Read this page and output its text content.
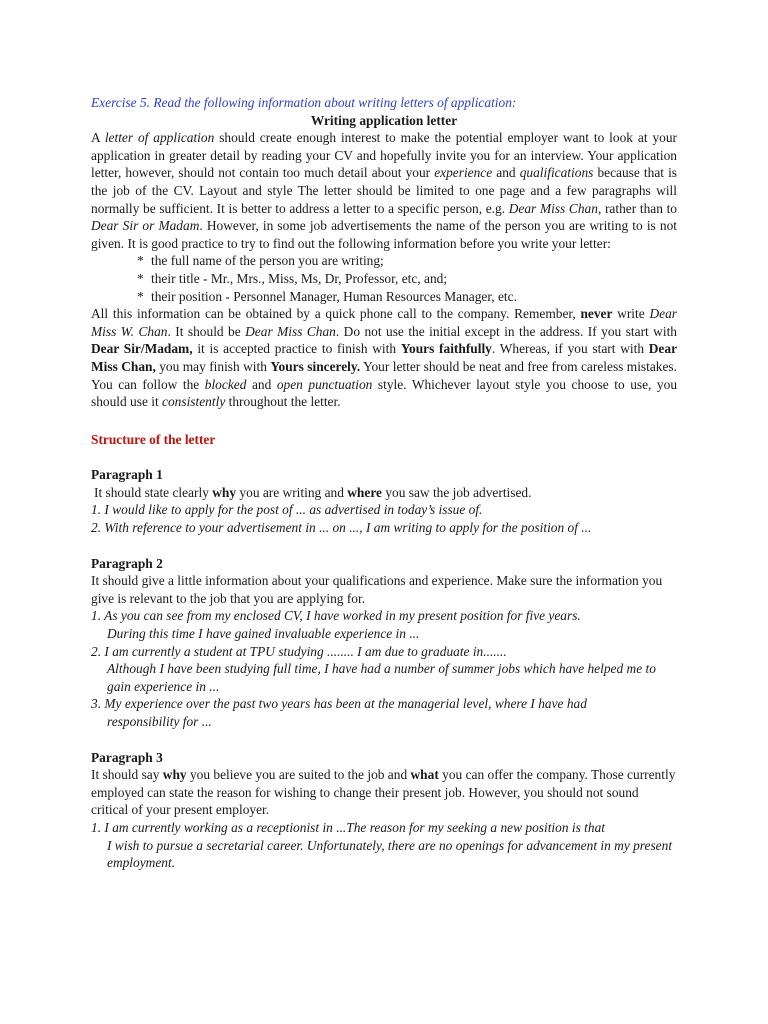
Exercise 5. Read the following information about writing letters of application:
Writing application letter
A letter of application should create enough interest to make the potential employer want to look at your application in greater detail by reading your CV and hopefully invite you for an interview. Your application letter, however, should not contain too much detail about your experience and qualifications because that is the job of the CV. Layout and style The letter should be limited to one page and a few paragraphs will normally be sufficient. It is better to address a letter to a specific person, e.g. Dear Miss Chan, rather than to Dear Sir or Madam. However, in some job advertisements the name of the person you are writing to is not given. It is good practice to try to find out the following information before you write your letter:
* the full name of the person you are writing;
* their title - Mr., Mrs., Miss, Ms, Dr, Professor, etc, and;
* their position - Personnel Manager, Human Resources Manager, etc.
All this information can be obtained by a quick phone call to the company. Remember, never write Dear Miss W. Chan. It should be Dear Miss Chan. Do not use the initial except in the address. If you start with Dear Sir/Madam, it is accepted practice to finish with Yours faithfully. Whereas, if you start with Dear Miss Chan, you may finish with Yours sincerely. Your letter should be neat and free from careless mistakes. You can follow the blocked and open punctuation style. Whichever layout style you choose to use, you should use it consistently throughout the letter.
Structure of the letter
Paragraph 1
It should state clearly why you are writing and where you saw the job advertised.
1. I would like to apply for the post of ... as advertised in today’s issue of.
2. With reference to your advertisement in ... on ..., I am writing to apply for the position of ...
Paragraph 2
It should give a little information about your qualifications and experience. Make sure the information you give is relevant to the job that you are applying for.
1. As you can see from my enclosed CV, I have worked in my present position for five years.
During this time I have gained invaluable experience in ...
2. I am currently a student at TPU studying ........ I am due to graduate in.......
Although I have been studying full time, I have had a number of summer jobs which have helped me to gain experience in ...
3. My experience over the past two years has been at the managerial level, where I have had
responsibility for ...
Paragraph 3
It should say why you believe you are suited to the job and what you can offer the company. Those currently employed can state the reason for wishing to change their present job. However, you should not sound critical of your present employer.
1. I am currently working as a receptionist in ...The reason for my seeking a new position is that
I wish to pursue a secretarial career. Unfortunately, there are no openings for advancement in my present employment.
